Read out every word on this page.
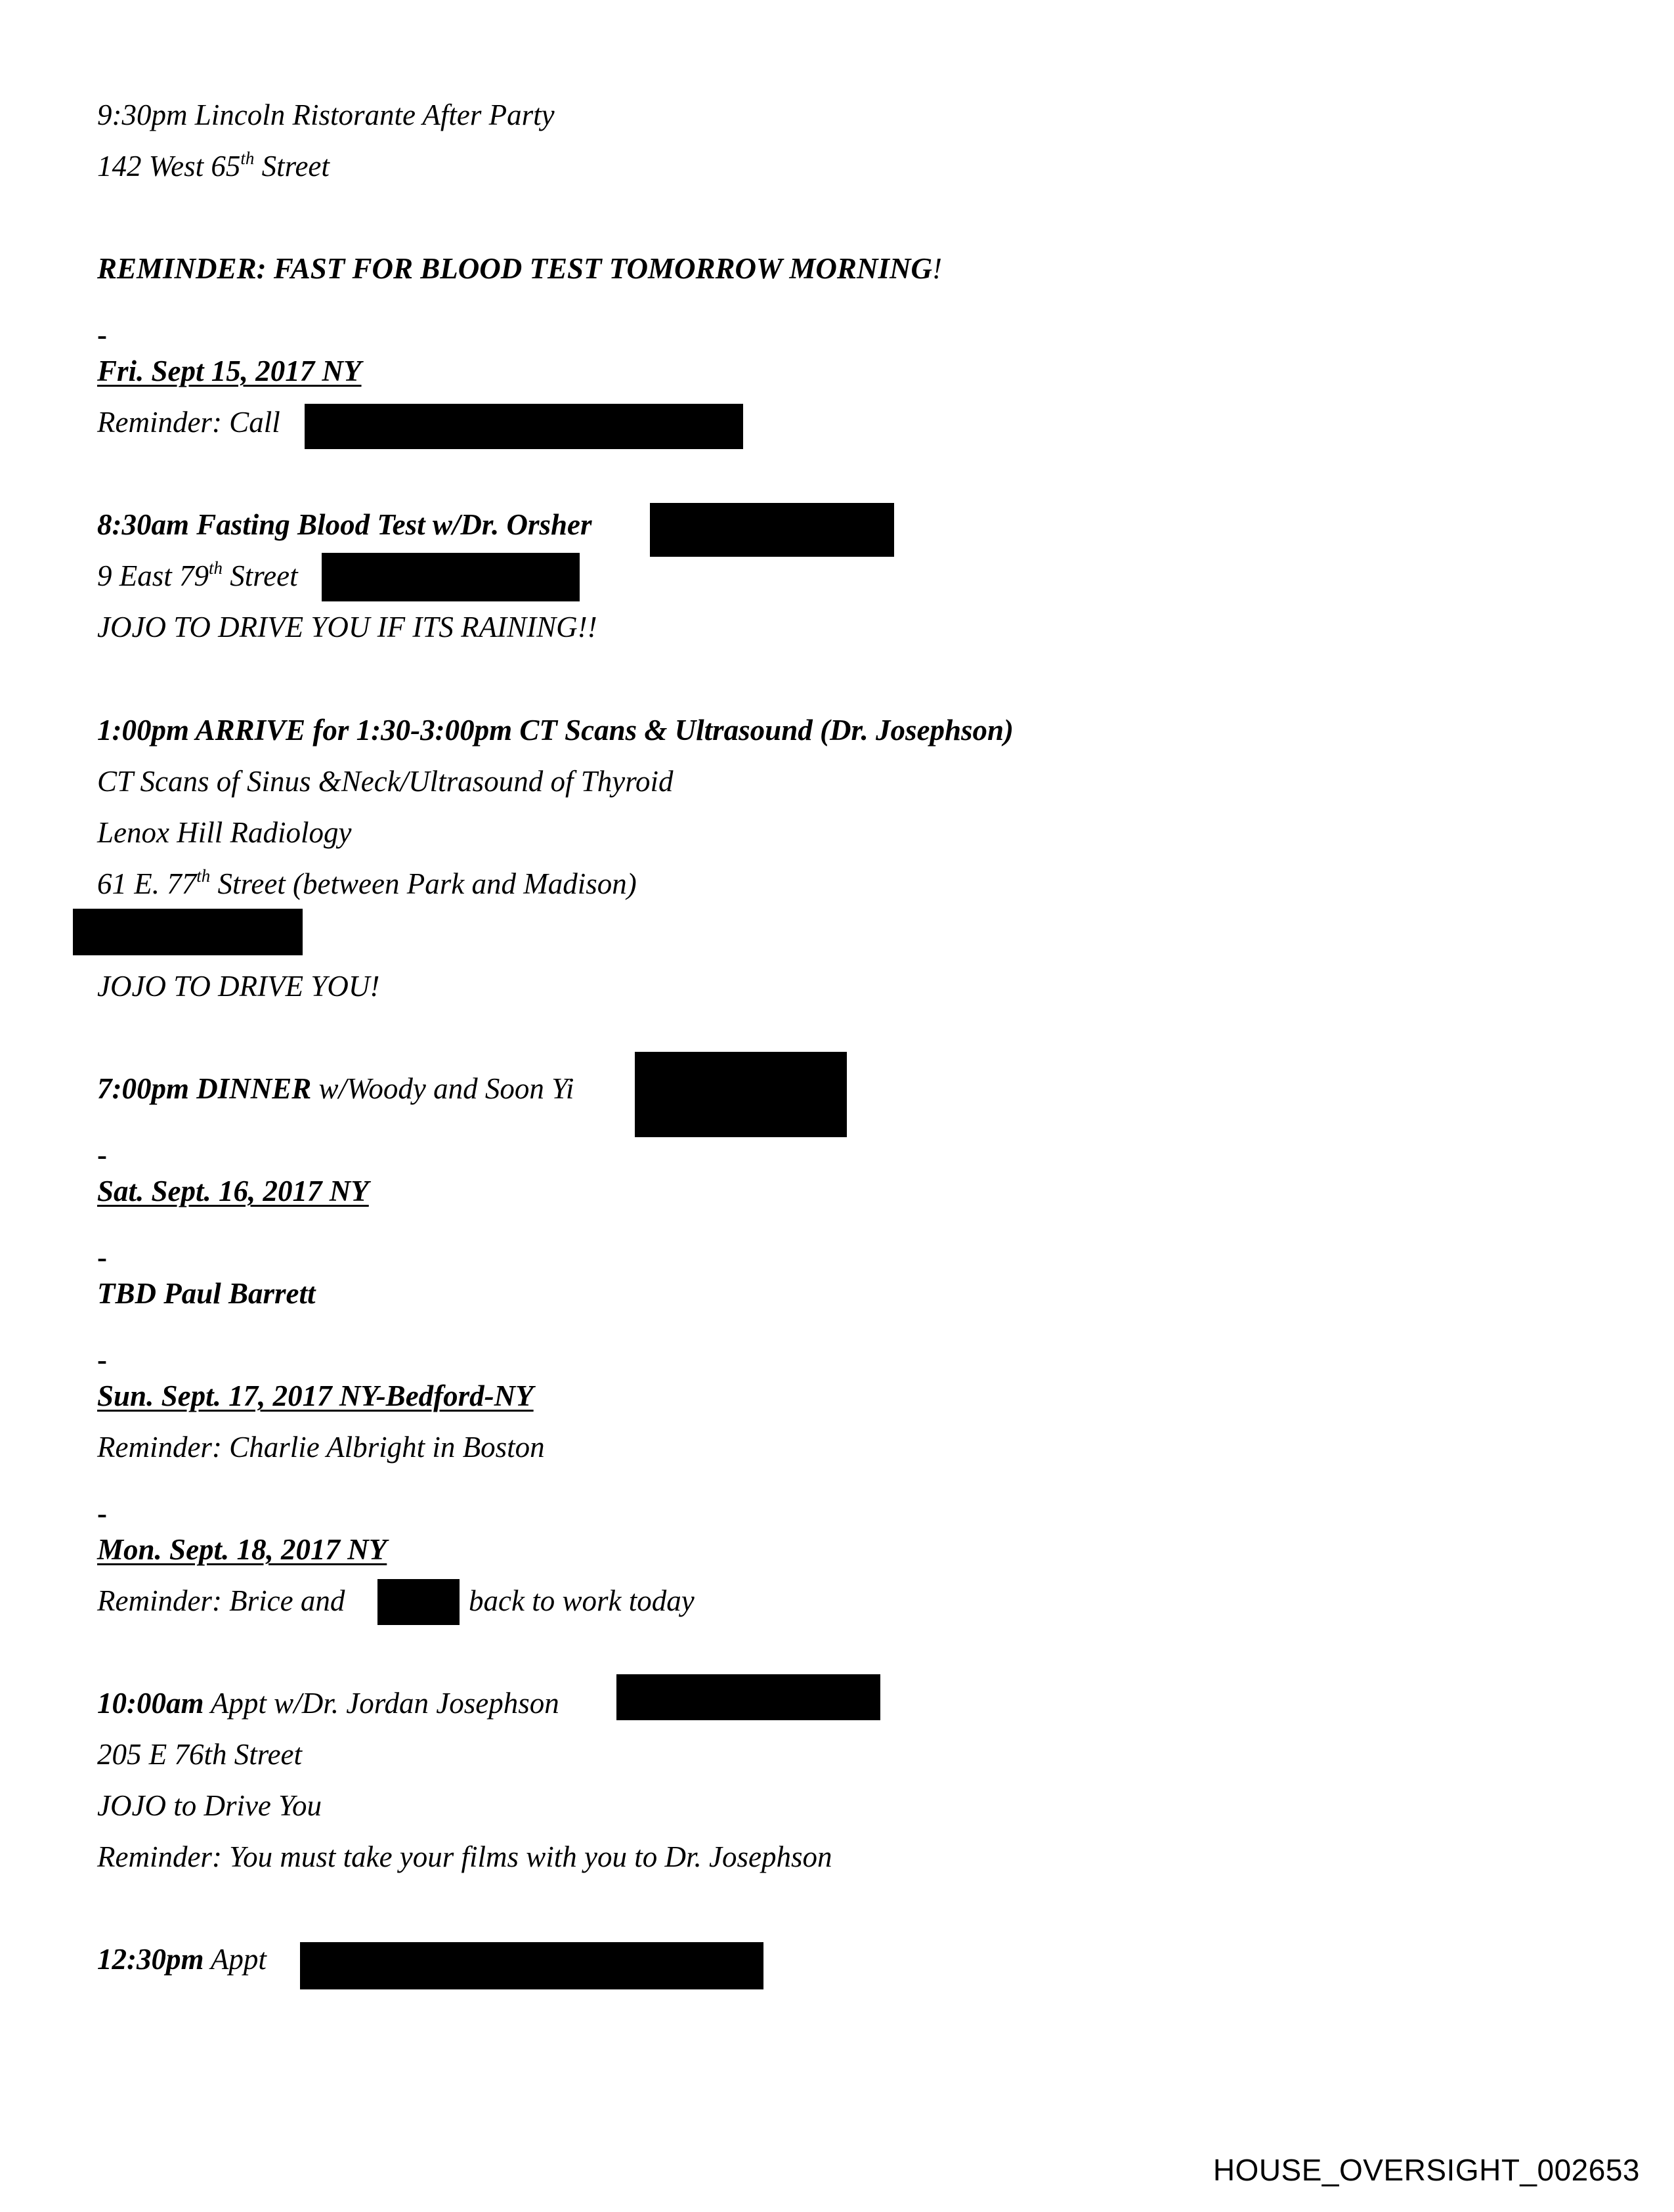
9:30pm Lincoln Ristorante After Party
142 West 65th Street
REMINDER: FAST FOR BLOOD TEST TOMORROW MORNING!
-
Fri. Sept 15, 2017 NY
Reminder: Call
8:30am Fasting Blood Test w/Dr. Orsher
9 East 79th Street
JOJO TO DRIVE YOU IF ITS RAINING!!
1:00pm ARRIVE for 1:30-3:00pm CT Scans & Ultrasound (Dr. Josephson)
CT Scans of Sinus &Neck/Ultrasound of Thyroid
Lenox Hill Radiology
61 E. 77th Street (between Park and Madison)
JOJO TO DRIVE YOU!
7:00pm DINNER w/Woody and Soon Yi
-
Sat. Sept. 16, 2017 NY
-
TBD Paul Barrett
-
Sun. Sept. 17, 2017 NY-Bedford-NY
Reminder: Charlie Albright in Boston
-
Mon. Sept. 18, 2017 NY
Reminder: Brice and	back to work today
10:00am Appt w/Dr. Jordan Josephson
205 E 76th Street
JOJO to Drive You
Reminder: You must take your films with you to Dr. Josephson
12:30pm Appt
HOUSE_OVERSIGHT_002653
